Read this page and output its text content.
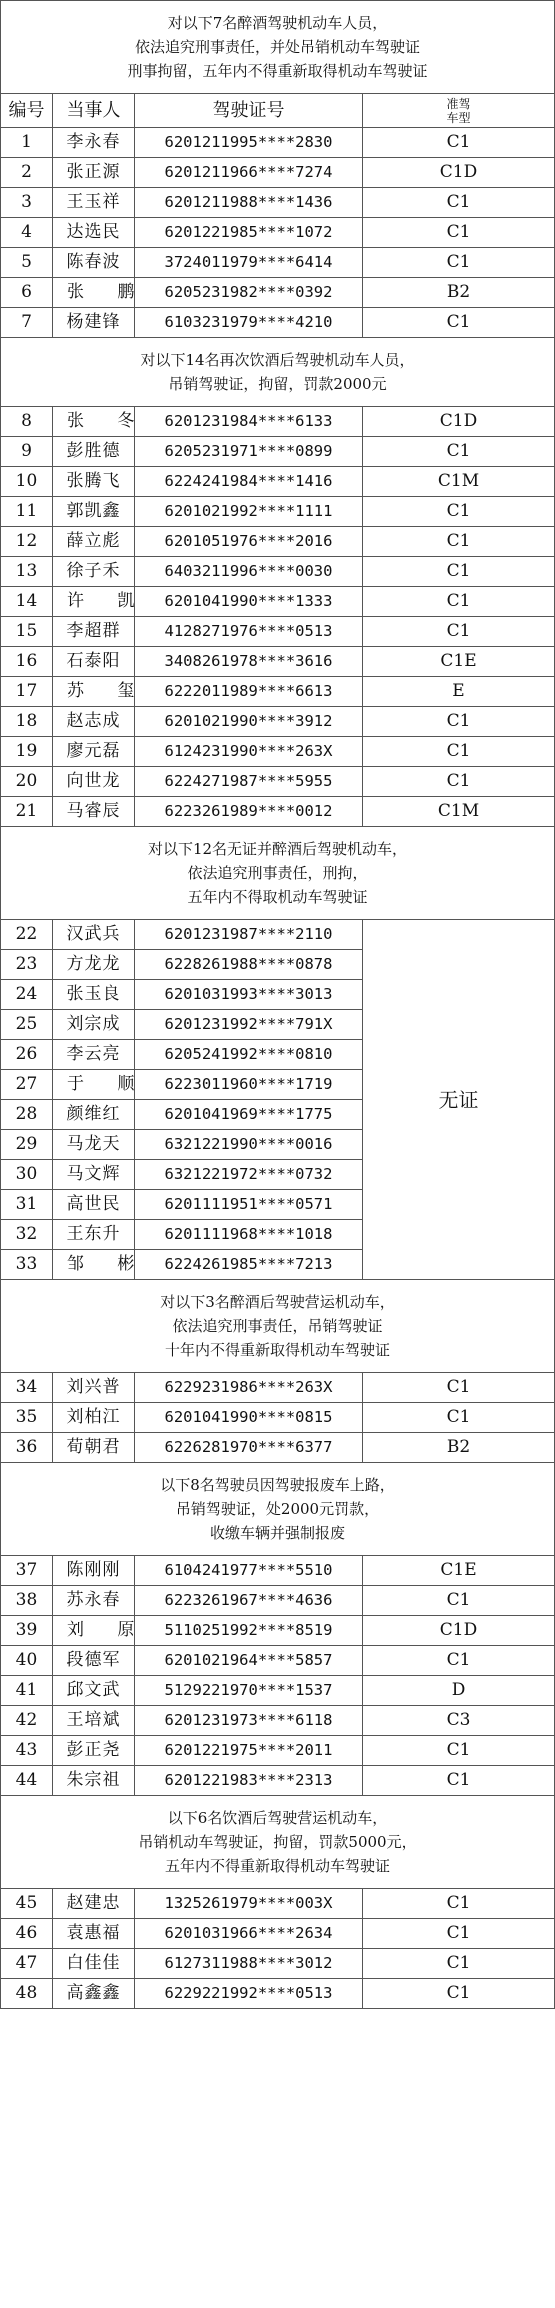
对以下7名醉酒驾驶机动车人员，
依法追究刑事责任，并处吊销机动车驾驶证
刑事拘留，五年内不得重新取得机动车驾驶证			

编号	当事人	驾驶证号	准驾
车型

1	李永春	6201211995****2830	C1
2	张正源	6201211966****7274	C1D
3	王玉祥	6201211988****1436	C1
4	达选民	6201221985****1072	C1
5	陈春波	3724011979****6414	C1
6	张 鹏	6205231982****0392	B2
7	杨建锋	6103231979****4210	C1

对以下14名再次饮酒后驾驶机动车人员，
吊销驾驶证，拘留，罚款2000元			

8	张 冬	6201231984****6133	C1D
9	彭胜德	6205231971****0899	C1
10	张腾飞	6224241984****1416	C1M
11	郭凯鑫	6201021992****1111	C1
12	薛立彪	6201051976****2016	C1
13	徐子禾	6403211996****0030	C1
14	许 凯	6201041990****1333	C1
15	李超群	4128271976****0513	C1
16	石泰阳	3408261978****3616	C1E
17	苏 玺	6222011989****6613	E
18	赵志成	6201021990****3912	C1
19	廖元磊	6124231990****263X	C1
20	向世龙	6224271987****5955	C1
21	马睿辰	6223261989****0012	C1M

对以下12名无证并醉酒后驾驶机动车，
依法追究刑事责任，刑拘，
五年内不得取机动车驾驶证			

22	汉武兵	6201231987****2110	无证
23	方龙龙	6228261988****0878	
24	张玉良	6201031993****3013	
25	刘宗成	6201231992****791X	
26	李云亮	6205241992****0810	
27	于 顺	6223011960****1719	
28	颜维红	6201041969****1775	
29	马龙天	6321221990****0016	
30	马文辉	6321221972****0732	
31	高世民	6201111951****0571	
32	王东升	6201111968****1018	
33	邹 彬	6224261985****7213	

对以下3名醉酒后驾驶营运机动车，
依法追究刑事责任，吊销驾驶证
十年内不得重新取得机动车驾驶证			

34	刘兴普	6229231986****263X	C1
35	刘柏江	6201041990****0815	C1
36	荀朝君	6226281970****6377	B2

以下8名驾驶员因驾驶报废车上路，
吊销驾驶证，处2000元罚款，
收缴车辆并强制报废			

37	陈刚刚	6104241977****5510	C1E
38	苏永春	6223261967****4636	C1
39	刘 原	5110251992****8519	C1D
40	段德军	6201021964****5857	C1
41	邱文武	5129221970****1537	D
42	王培斌	6201231973****6118	C3
43	彭正尧	6201221975****2011	C1
44	朱宗祖	6201221983****2313	C1

以下6名饮酒后驾驶营运机动车，
吊销机动车驾驶证，拘留，罚款5000元，
五年内不得重新取得机动车驾驶证			

45	赵建忠	1325261979****003X	C1
46	袁惠福	6201031966****2634	C1
47	白佳佳	6127311988****3012	C1
48	高鑫鑫	6229221992****0513	C1
